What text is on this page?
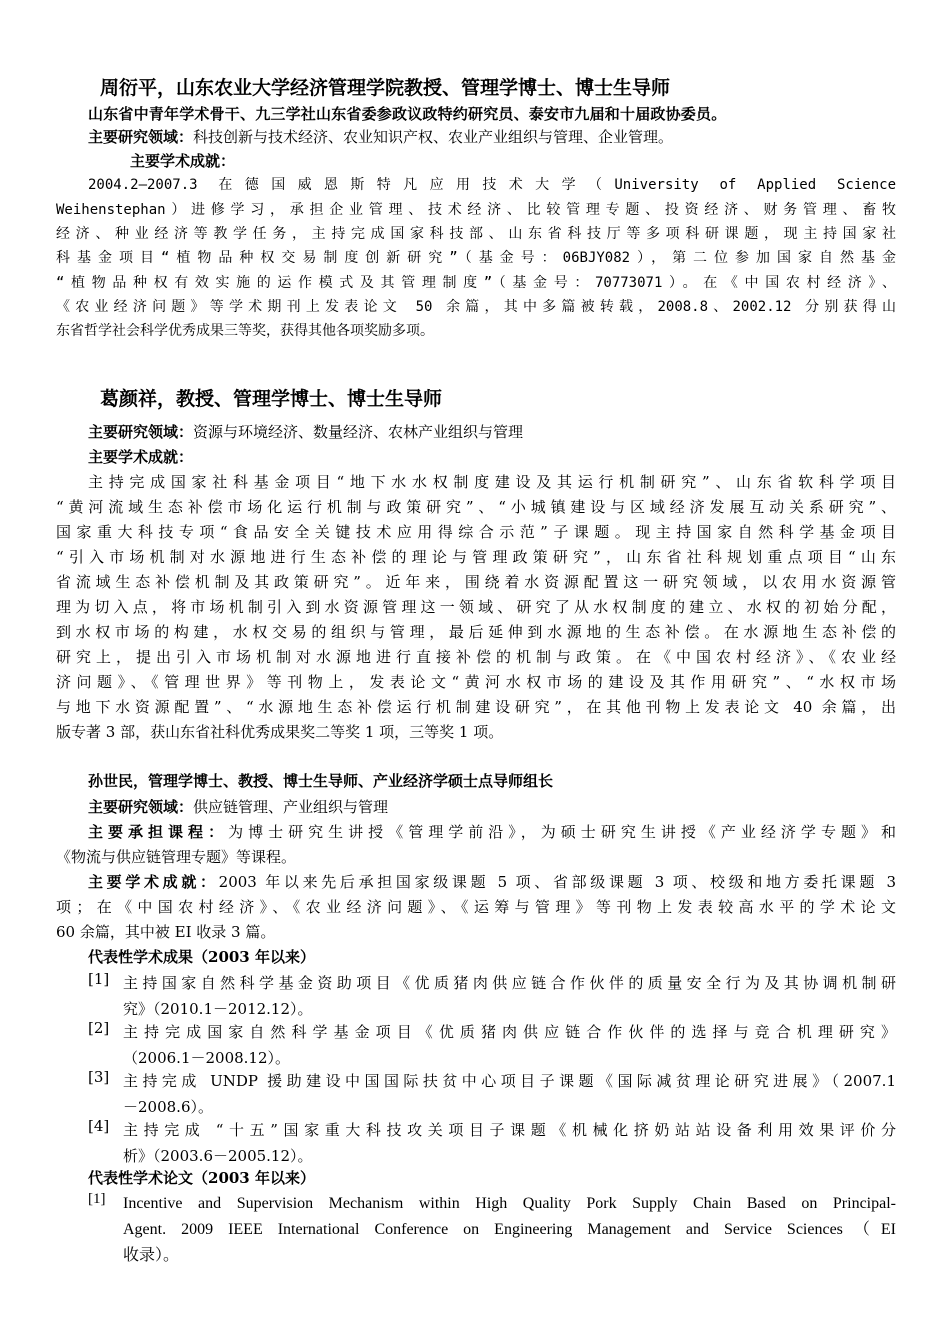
周衍平，山东农业大学经济管理学院教授、管理学博士、博士生导师
山东省中青年学术骨干、九三学社山东省委参政议政特约研究员、泰安市九届和十届政协委员。
主要研究领域：科技创新与技术经济、农业知识产权、农业产业组织与管理、企业管理。
主要学术成就：
2004.2—2007.3 在德国威恩斯特凡应用技术大学（University of Applied Science
Weihenstephan）进修学习，承担企业管理、技术经济、比较管理专题、投资经济、财务管理、畜牧
经济、种业经济等教学任务，主持完成国家科技部、山东省科技厅等多项科研课题，现主持国家社
科基金项目“植物品种权交易制度创新研究”（基金号：06BJY082），第二位参加国家自然基金
“植物品种权有效实施的运作模式及其管理制度”（基金号：70773071）。在《中国农村经济》、
《农业经济问题》等学术期刊上发表论文 50 余篇，其中多篇被转载，2008.8、2002.12 分别获得山
东省哲学社会科学优秀成果三等奖，获得其他各项奖励多项。
葛颜祥，教授、管理学博士、博士生导师
主要研究领域：资源与环境经济、数量经济、农林产业组织与管理
主要学术成就：
主持完成国家社科基金项目“地下水水权制度建设及其运行机制研究”、山东省软科学项目
“黄河流域生态补偿市场化运行机制与政策研究”、“小城镇建设与区域经济发展互动关系研究”、
国家重大科技专项“食品安全关键技术应用得综合示范”子课题。现主持国家自然科学基金项目
“引入市场机制对水源地进行生态补偿的理论与管理政策研究”，山东省社科规划重点项目“山东
省流域生态补偿机制及其政策研究”。近年来，围绕着水资源配置这一研究领域，以农用水资源管
理为切入点，将市场机制引入到水资源管理这一领域、研究了从水权制度的建立、水权的初始分配，
到水权市场的构建，水权交易的组织与管理，最后延伸到水源地的生态补偿。在水源地生态补偿的
研究上，提出引入市场机制对水源地进行直接补偿的机制与政策。在《中国农村经济》、《农业经
济问题》、《管理世界》等刊物上，发表论文“黄河水权市场的建设及其作用研究”、“水权市场
与地下水资源配置”、“水源地生态补偿运行机制建设研究”，在其他刊物上发表论文 40 余篇，出
版专著 3 部，获山东省社科优秀成果奖二等奖 1 项，三等奖 1 项。
孙世民，管理学博士、教授、博士生导师、产业经济学硕士点导师组长
主要研究领域：供应链管理、产业组织与管理
主要承担课程：为博士研究生讲授《管理学前沿》，为硕士研究生讲授《产业经济学专题》和
《物流与供应链管理专题》等课程。
主要学术成就：2003 年以来先后承担国家级课题 5 项、省部级课题 3 项、校级和地方委托课题 3
项；在《中国农村经济》、《农业经济问题》、《运筹与管理》等刊物上发表较高水平的学术论文
60 余篇，其中被 EI 收录 3 篇。
代表性学术成果（2003 年以来）
[1] 主持国家自然科学基金资助项目《优质猪肉供应链合作伙伴的质量安全行为及其协调机制研
究》（2010.1－2012.12）。
[2] 主持完成国家自然科学基金项目《优质猪肉供应链合作伙伴的选择与竞合机理研究》
（2006.1－2008.12）。
[3] 主持完成 UNDP 援助建设中国国际扶贫中心项目子课题《国际减贫理论研究进展》（2007.1
－2008.6）。
[4] 主持完成 “十五”国家重大科技攻关项目子课题《机械化挤奶站站设备利用效果评价分
析》（2003.6－2005.12）。
代表性学术论文（2003 年以来）
[1] Incentive and Supervision Mechanism within High Quality Pork Supply Chain Based on Principal-
Agent. 2009 IEEE International Conference on Engineering Management and Service Sciences（EI
收录）。
